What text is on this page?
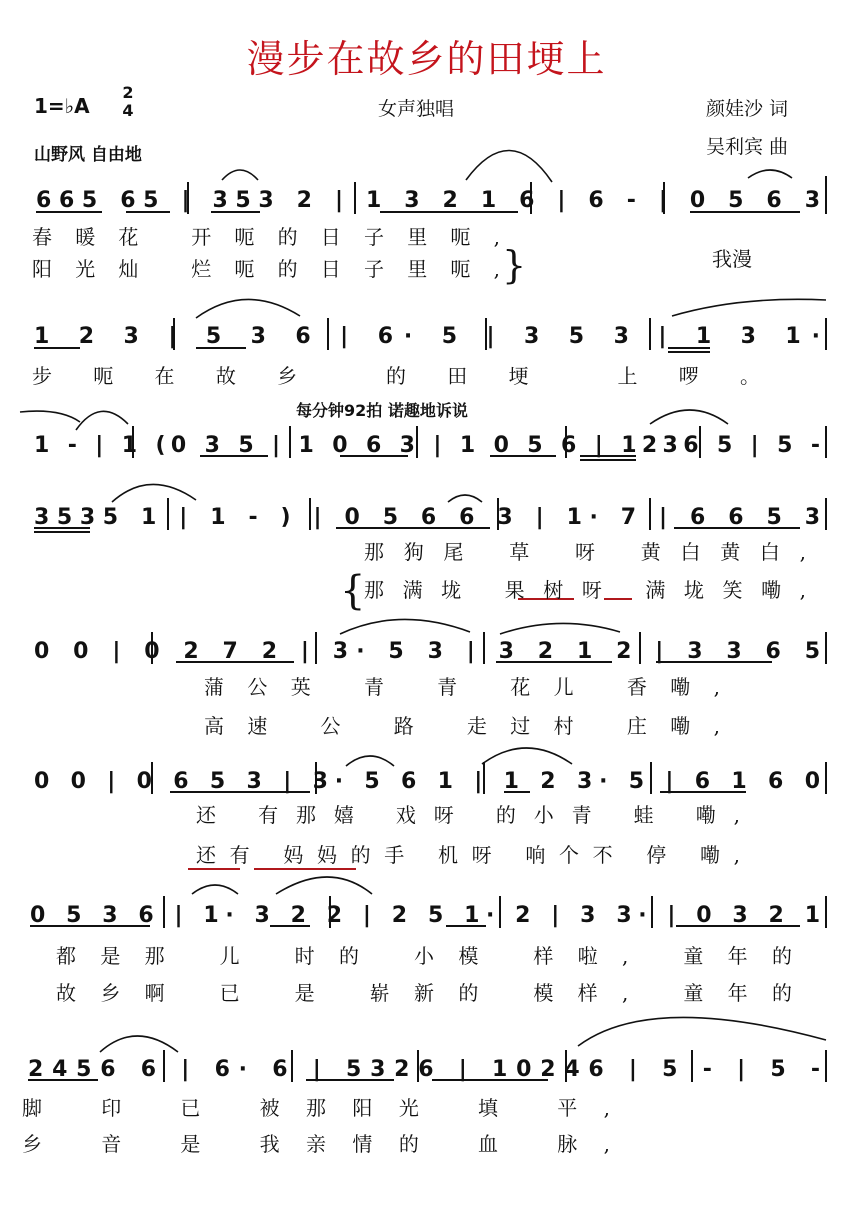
漫步在故乡的田埂上
1=♭A
2
4	女声独唱	颜娃沙 词
吴利宾 曲
山野风 自由地
每分钟92拍 诺趣地诉说
665 65 | 353 2 | 1 3 2 1 6 | 6 - | 0 5 6 3
1 2 3 | 5 3 6 | 6· 5 | 3 5 3 | 1 3 1·
1 - | 1 (0 3 5 | 1 0 6 3 | 1 0 5 6 | 1236 5 | 5 -
3535 1 | 1 - ) | 0 5 6 6 3 | 1· 7 | 6 6 5 3
0 0 | 0 2 7 2 | 3· 5 3 | 3 2 1 2 | 3 3 6 5
0 0 | 0 6 5 3 | 3· 5 6 1 | 1 2 3· 5 | 6 1 6 0
0 5 3 6 | 1· 3 2 2 | 2 5 1· 2 | 3 3· | 0 3 2 1
2456 6 | 6· 6 | 5326 | 10246 | 5 - | 5 -
春暖花 开呃的日子里呃,
阳光灿 烂呃的日子里呃,	我漫
步呃在故乡 的田埂 上啰。
那狗尾 草 呀 黄白黄白,
那满垅 果树呀 满垅笑嘞,
蒲公英 青 青 花儿 香嘞,
高速 公 路 走过村 庄嘞,
还 有那嬉 戏呀 的小青 蛙 嘞,
还有 妈妈的手 机呀 响个不 停 嘞,
都是那 儿 时的 小模 样啦, 童年的
故乡啊 已 是 崭新的 模样, 童年的
脚 印 已 被那阳光 填 平,
乡 音 是 我亲情的 血 脉,
}
{
